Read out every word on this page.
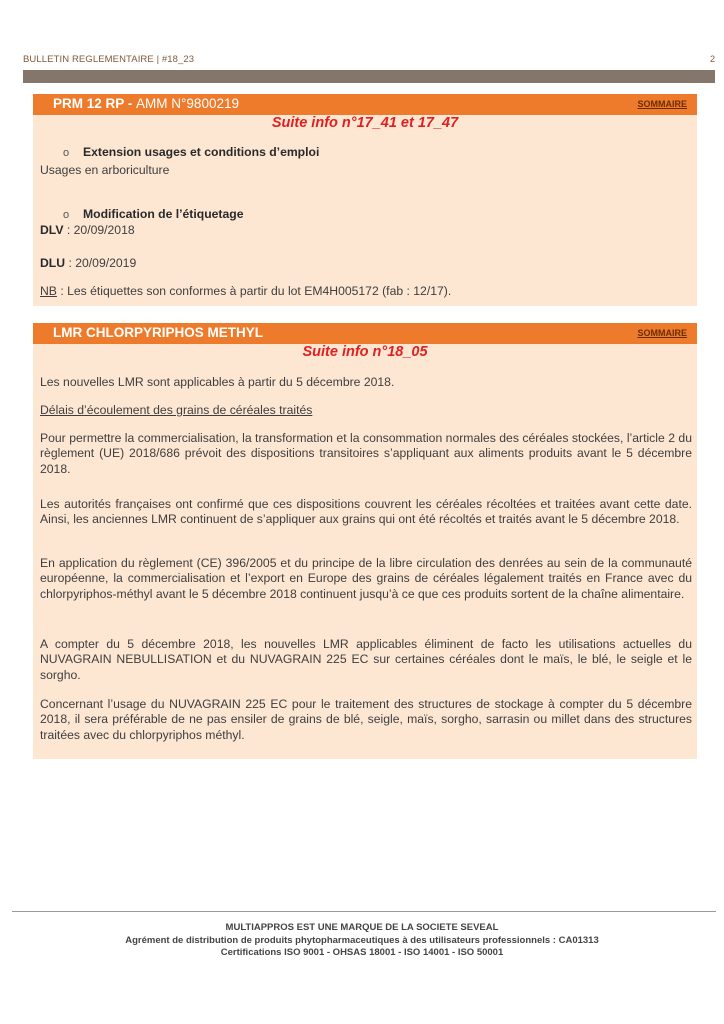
BULLETIN REGLEMENTAIRE | #18_23	2
PRM 12 RP - AMM N°9800219	SOMMAIRE
Suite info n°17_41 et 17_47
o Extension usages et conditions d’emploi
Usages en arboriculture
o Modification de l’étiquetage
DLV : 20/09/2018
DLU : 20/09/2019
NB : Les étiquettes son conformes à partir du lot EM4H005172 (fab : 12/17).
LMR CHLORPYRIPHOS METHYL	SOMMAIRE
Suite info n°18_05
Les nouvelles LMR sont applicables à partir du 5 décembre 2018.
Délais d’écoulement des grains de céréales traités
Pour permettre la commercialisation, la transformation et la consommation normales des céréales stockées, l’article 2 du règlement (UE) 2018/686 prévoit des dispositions transitoires s’appliquant aux aliments produits avant le 5 décembre 2018.
Les autorités françaises ont confirmé que ces dispositions couvrent les céréales récoltées et traitées avant cette date. Ainsi, les anciennes LMR continuent de s’appliquer aux grains qui ont été récoltés et traités avant le 5 décembre 2018.
En application du règlement (CE) 396/2005 et du principe de la libre circulation des denrées au sein de la communauté européenne, la commercialisation et l’export en Europe des grains de céréales légalement traités en France avec du chlorpyriphos-méthyl avant le 5 décembre 2018 continuent jusqu’à ce que ces produits sortent de la chaîne alimentaire.
A compter du 5 décembre 2018, les nouvelles LMR applicables éliminent de facto les utilisations actuelles du NUVAGRAIN NEBULLISATION et du NUVAGRAIN 225 EC sur certaines céréales dont le maïs, le blé, le seigle et le sorgho.
Concernant l’usage du NUVAGRAIN 225 EC pour le traitement des structures de stockage à compter du 5 décembre 2018, il sera préférable de ne pas ensiler de grains de blé, seigle, maïs, sorgho, sarrasin ou millet dans des structures traitées avec du chlorpyriphos méthyl.
MULTIAPPROS EST UNE MARQUE DE LA SOCIETE SEVEAL
Agrément de distribution de produits phytopharmaceutiques à des utilisateurs professionnels : CA01313
Certifications ISO 9001 - OHSAS 18001 - ISO 14001 - ISO 50001
